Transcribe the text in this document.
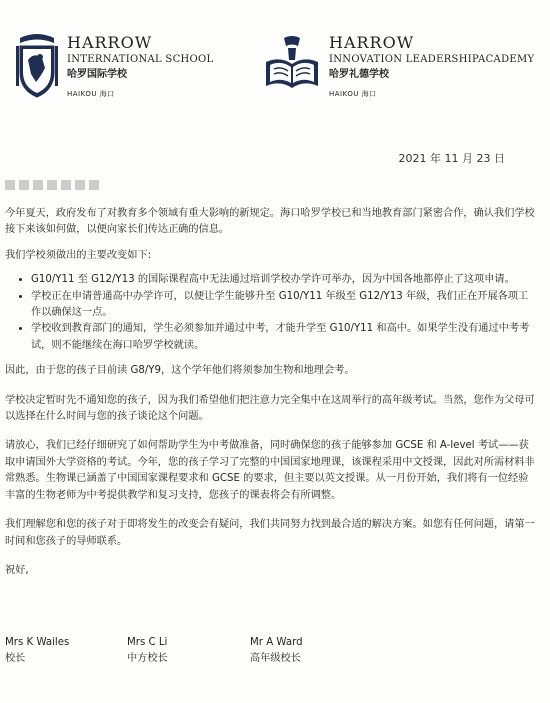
HARROW
INTERNATIONAL SCHOOL
哈罗国际学校
HAIKOU 海口
HARROW
INNOVATION LEADERSHIPACADEMY
哈罗礼德学校
HAIKOU 海口
2021 年 11 月 23 日

今年夏天，政府发布了对教育多个领域有重大影响的新规定。海口哈罗学校已和当地教育部门紧密合作，确认我们学校接下来该如何做，以便向家长们传达正确的信息。

我们学校须做出的主要改变如下:

• G10/Y11 至 G12/Y13 的国际课程高中无法通过培训学校办学许可举办，因为中国各地都停止了这项申请。
• 学校正在申请普通高中办学许可，以便让学生能够升至 G10/Y11 年级至 G12/Y13 年级，我们正在开展各项工作以确保这一点。
• 学校收到教育部门的通知，学生必须参加并通过中考，才能升学至 G10/Y11 和高中。如果学生没有通过中考考试，则不能继续在海口哈罗学校就读。

因此，由于您的孩子目前读 G8/Y9，这个学年他们将须参加生物和地理会考。

学校决定暂时先不通知您的孩子，因为我们希望他们把注意力完全集中在这周举行的高年级考试。当然，您作为父母可以选择在什么时间与您的孩子谈论这个问题。

请放心，我们已经仔细研究了如何帮助学生为中考做准备，同时确保您的孩子能够参加 GCSE 和 A-level 考试——获取申请国外大学资格的考试。今年，您的孩子学习了完整的中国国家地理课，该课程采用中文授课，因此对所需材料非常熟悉。生物课已涵盖了中国国家课程要求和 GCSE 的要求，但主要以英文授课。从一月份开始，我们将有一位经验丰富的生物老师为中考提供教学和复习支持，您孩子的课表将会有所调整。

我们理解您和您的孩子对于即将发生的改变会有疑问，我们共同努力找到最合适的解决方案。如您有任何问题，请第一时间和您孩子的导师联系。

祝好,

Mrs K Wailes
校长
Mrs C Li
中方校长
Mr A Ward
高年级校长
